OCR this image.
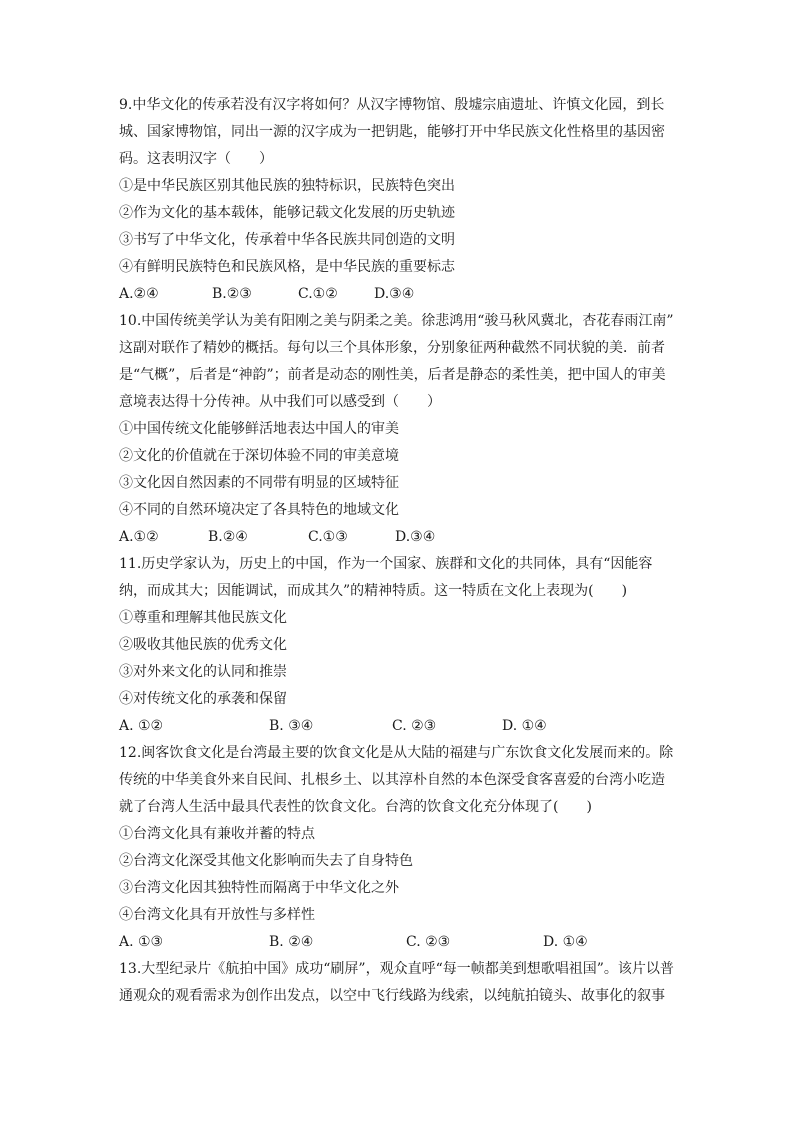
9.中华文化的传承若没有汉字将如何？从汉字博物馆、殷墟宗庙遗址、许慎文化园，到长
城、国家博物馆，同出一源的汉字成为一把钥匙，能够打开中华民族文化性格里的基因密
码。这表明汉字（　　）
①是中华民族区别其他民族的独特标识，民族特色突出
②作为文化的基本载体，能够记载文化发展的历史轨迹
③书写了中华文化，传承着中华各民族共同创造的文明
④有鲜明民族特色和民族风格，是中华民族的重要标志
A.②④	B.②③	C.①②	D.③④
10.中国传统美学认为美有阳刚之美与阴柔之美。徐悲鸿用“骏马秋风冀北，杏花春雨江南”
这副对联作了精妙的概括。每句以三个具体形象，分别象征两种截然不同状貌的美．前者
是“气概”，后者是“神韵”；前者是动态的刚性美，后者是静态的柔性美，把中国人的审美
意境表达得十分传神。从中我们可以感受到（　　）
①中国传统文化能够鲜活地表达中国人的审美
②文化的价值就在于深切体验不同的审美意境
③文化因自然因素的不同带有明显的区域特征
④不同的自然环境决定了各具特色的地域文化
A.①②	B.②④	C.①③	D.③④
11.历史学家认为，历史上的中国，作为一个国家、族群和文化的共同体，具有“因能容
纳，而成其大；因能调试，而成其久”的精神特质。这一特质在文化上表现为(　　)
①尊重和理解其他民族文化
②吸收其他民族的优秀文化
③对外来文化的认同和推崇
④对传统文化的承袭和保留
A. ①②	B. ③④	C. ②③	D. ①④
12.闽客饮食文化是台湾最主要的饮食文化是从大陆的福建与广东饮食文化发展而来的。除
传统的中华美食外来自民间、扎根乡土、以其淳朴自然的本色深受食客喜爱的台湾小吃造
就了台湾人生活中最具代表性的饮食文化。台湾的饮食文化充分体现了(　　)
①台湾文化具有兼收并蓄的特点
②台湾文化深受其他文化影响而失去了自身特色
③台湾文化因其独特性而隔离于中华文化之外
④台湾文化具有开放性与多样性
A. ①③	B. ②④	C. ②③	D. ①④
13.大型纪录片《航拍中国》成功“刷屏”，观众直呼“每一帧都美到想歌唱祖国”。该片以普
通观众的观看需求为创作出发点，以空中飞行线路为线索，以纯航拍镜头、故事化的叙事
